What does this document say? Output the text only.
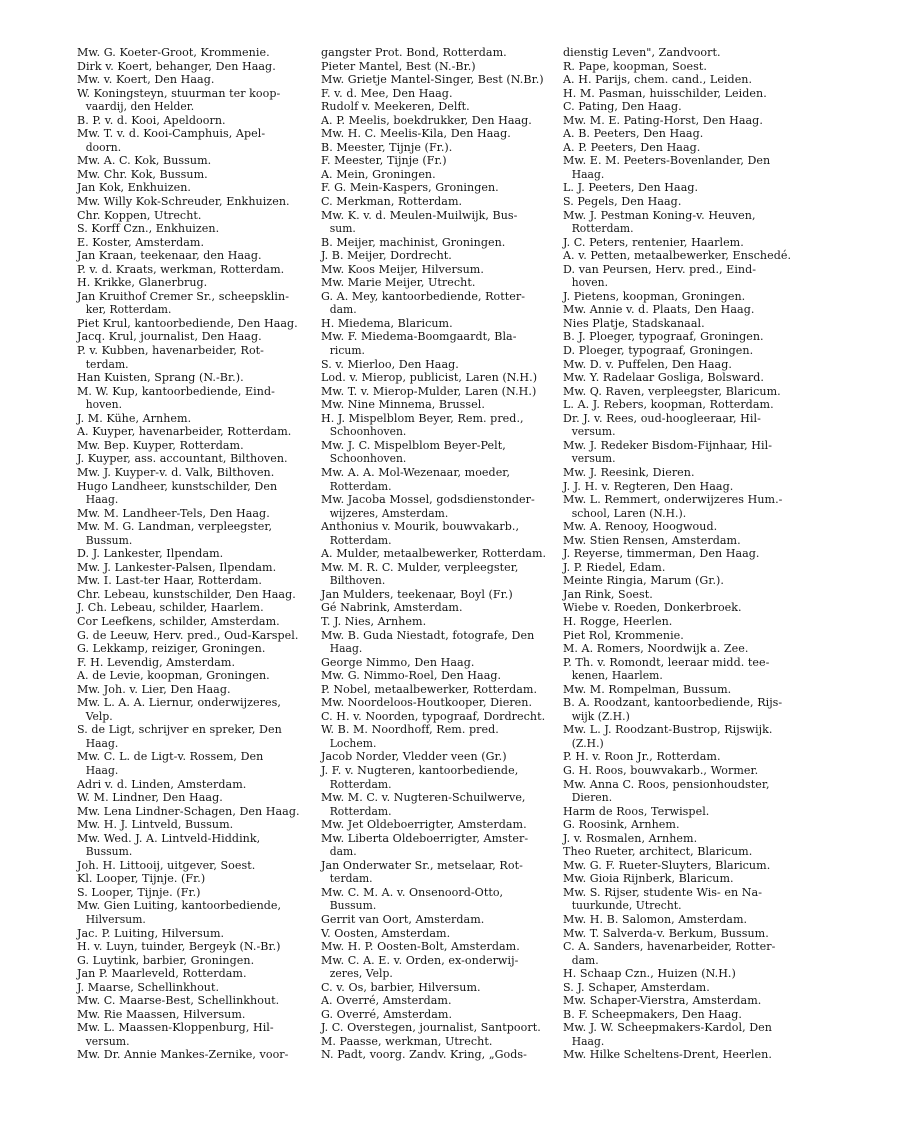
Mw. G. Koeter-Groot, Krommenie.
Dirk v. Koert, behanger, Den Haag.
Mw. v. Koert, Den Haag.
W. Koningsteyn, stuurman ter koop-
vaardij, den Helder.
B. P. v. d. Kooi, Apeldoorn.
Mw. T. v. d. Kooi-Camphuis, Apel-
doorn.
Mw. A. C. Kok, Bussum.
Mw. Chr. Kok, Bussum.
Jan Kok, Enkhuizen.
Mw. Willy Kok-Schreuder, Enkhuizen.
Chr. Koppen, Utrecht.
S. Korff Czn., Enkhuizen.
E. Koster, Amsterdam.
Jan Kraan, teekenaar, den Haag.
P. v. d. Kraats, werkman, Rotterdam.
H. Krikke, Glanerbrug.
Jan Kruithof Cremer Sr., scheepsklin-
ker, Rotterdam.
Piet Krul, kantoorbediende, Den Haag.
Jacq. Krul, journalist, Den Haag.
P. v. Kubben, havenarbeider, Rot-
terdam.
Han Kuisten, Sprang (N.-Br.).
M. W. Kup, kantoorbediende, Eind-
hoven.
J. M. Kühe, Arnhem.
A. Kuyper, havenarbeider, Rotterdam.
Mw. Bep. Kuyper, Rotterdam.
J. Kuyper, ass. accountant, Bilthoven.
Mw. J. Kuyper-v. d. Valk, Bilthoven.
Hugo Landheer, kunstschilder, Den
Haag.
Mw. M. Landheer-Tels, Den Haag.
Mw. M. G. Landman, verpleegster,
Bussum.
D. J. Lankester, Ilpendam.
Mw. J. Lankester-Palsen, Ilpendam.
Mw. I. Last-ter Haar, Rotterdam.
Chr. Lebeau, kunstschilder, Den Haag.
J. Ch. Lebeau, schilder, Haarlem.
Cor Leefkens, schilder, Amsterdam.
G. de Leeuw, Herv. pred., Oud-Karspel.
G. Lekkamp, reiziger, Groningen.
F. H. Levendig, Amsterdam.
A. de Levie, koopman, Groningen.
Mw. Joh. v. Lier, Den Haag.
Mw. L. A. A. Liernur, onderwijzeres,
Velp.
S. de Ligt, schrijver en spreker, Den
Haag.
Mw. C. L. de Ligt-v. Rossem, Den
Haag.
Adri v. d. Linden, Amsterdam.
W. M. Lindner, Den Haag.
Mw. Lena Lindner-Schagen, Den Haag.
Mw. H. J. Lintveld, Bussum.
Mw. Wed. J. A. Lintveld-Hiddink,
Bussum.
Joh. H. Littooij, uitgever, Soest.
Kl. Looper, Tijnje. (Fr.)
S. Looper, Tijnje. (Fr.)
Mw. Gien Luiting, kantoorbediende,
Hilversum.
Jac. P. Luiting, Hilversum.
H. v. Luyn, tuinder, Bergeyk (N.-Br.)
G. Luytink, barbier, Groningen.
Jan P. Maarleveld, Rotterdam.
J. Maarse, Schellinkhout.
Mw. C. Maarse-Best, Schellinkhout.
Mw. Rie Maassen, Hilversum.
Mw. L. Maassen-Kloppenburg, Hil-
versum.
Mw. Dr. Annie Mankes-Zernike, voor-
gangster Prot. Bond, Rotterdam.
Pieter Mantel, Best (N.-Br.)
Mw. Grietje Mantel-Singer, Best (N.Br.)
F. v. d. Mee, Den Haag.
Rudolf v. Meekeren, Delft.
A. P. Meelis, boekdrukker, Den Haag.
Mw. H. C. Meelis-Kila, Den Haag.
B. Meester, Tijnje (Fr.).
F. Meester, Tijnje (Fr.)
A. Mein, Groningen.
F. G. Mein-Kaspers, Groningen.
C. Merkman, Rotterdam.
Mw. K. v. d. Meulen-Muilwijk, Bus-
sum.
B. Meijer, machinist, Groningen.
J. B. Meijer, Dordrecht.
Mw. Koos Meijer, Hilversum.
Mw. Marie Meijer, Utrecht.
G. A. Mey, kantoorbediende, Rotter-
dam.
H. Miedema, Blaricum.
Mw. F. Miedema-Boomgaardt, Bla-
ricum.
S. v. Mierloo, Den Haag.
Lod. v. Mierop, publicist, Laren (N.H.)
Mw. T. v. Mierop-Mulder, Laren (N.H.)
Mw. Nine Minnema, Brussel.
H. J. Mispelblom Beyer, Rem. pred.,
Schoonhoven.
Mw. J. C. Mispelblom Beyer-Pelt,
Schoonhoven.
Mw. A. A. Mol-Wezenaar, moeder,
Rotterdam.
Mw. Jacoba Mossel, godsdienstonder-
wijzeres, Amsterdam.
Anthonius v. Mourik, bouwvakarb.,
Rotterdam.
A. Mulder, metaalbewerker, Rotterdam.
Mw. M. R. C. Mulder, verpleegster,
Bilthoven.
Jan Mulders, teekenaar, Boyl (Fr.)
Gé Nabrink, Amsterdam.
T. J. Nies, Arnhem.
Mw. B. Guda Niestadt, fotografe, Den
Haag.
George Nimmo, Den Haag.
Mw. G. Nimmo-Roel, Den Haag.
P. Nobel, metaalbewerker, Rotterdam.
Mw. Noordeloos-Houtkooper, Dieren.
C. H. v. Noorden, typograaf, Dordrecht.
W. B. M. Noordhoff, Rem. pred.
Lochem.
Jacob Norder, Vledder veen (Gr.)
J. F. v. Nugteren, kantoorbediende,
Rotterdam.
Mw. M. C. v. Nugteren-Schuilwerve,
Rotterdam.
Mw. Jet Oldeboerrigter, Amsterdam.
Mw. Liberta Oldeboerrigter, Amster-
dam.
Jan Onderwater Sr., metselaar, Rot-
terdam.
Mw. C. M. A. v. Onsenoord-Otto,
Bussum.
Gerrit van Oort, Amsterdam.
V. Oosten, Amsterdam.
Mw. H. P. Oosten-Bolt, Amsterdam.
Mw. C. A. E. v. Orden, ex-onderwij-
zeres, Velp.
C. v. Os, barbier, Hilversum.
A. Overré, Amsterdam.
G. Overré, Amsterdam.
J. C. Overstegen, journalist, Santpoort.
M. Paasse, werkman, Utrecht.
N. Padt, voorg. Zandv. Kring, „Gods-
dienstig Leven", Zandvoort.
R. Pape, koopman, Soest.
A. H. Parijs, chem. cand., Leiden.
H. M. Pasman, huisschilder, Leiden.
C. Pating, Den Haag.
Mw. M. E. Pating-Horst, Den Haag.
A. B. Peeters, Den Haag.
A. P. Peeters, Den Haag.
Mw. E. M. Peeters-Bovenlander, Den
Haag.
L. J. Peeters, Den Haag.
S. Pegels, Den Haag.
Mw. J. Pestman Koning-v. Heuven,
Rotterdam.
J. C. Peters, rentenier, Haarlem.
A. v. Petten, metaalbewerker, Enschedé.
D. van Peursen, Herv. pred., Eind-
hoven.
J. Pietens, koopman, Groningen.
Mw. Annie v. d. Plaats, Den Haag.
Nies Platje, Stadskanaal.
B. J. Ploeger, typograaf, Groningen.
D. Ploeger, typograaf, Groningen.
Mw. D. v. Puffelen, Den Haag.
Mw. Y. Radelaar Gosliga, Bolsward.
Mw. Q. Raven, verpleegster, Blaricum.
L. A. J. Rebers, koopman, Rotterdam.
Dr. J. v. Rees, oud-hoogleeraar, Hil-
versum.
Mw. J. Redeker Bisdom-Fijnhaar, Hil-
versum.
Mw. J. Reesink, Dieren.
J. J. H. v. Regteren, Den Haag.
Mw. L. Remmert, onderwijzeres Hum.-
school, Laren (N.H.).
Mw. A. Renooy, Hoogwoud.
Mw. Stien Rensen, Amsterdam.
J. Reyerse, timmerman, Den Haag.
J. P. Riedel, Edam.
Meinte Ringia, Marum (Gr.).
Jan Rink, Soest.
Wiebe v. Roeden, Donkerbroek.
H. Rogge, Heerlen.
Piet Rol, Krommenie.
M. A. Romers, Noordwijk a. Zee.
P. Th. v. Romondt, leeraar midd. tee-
kenen, Haarlem.
Mw. M. Rompelman, Bussum.
B. A. Roodzant, kantoorbediende, Rijs-
wijk (Z.H.)
Mw. L. J. Roodzant-Bustrop, Rijswijk.
(Z.H.)
P. H. v. Roon Jr., Rotterdam.
G. H. Roos, bouwvakarb., Wormer.
Mw. Anna C. Roos, pensionhoudster,
Dieren.
Harm de Roos, Terwispel.
G. Roosink, Arnhem.
J. v. Rosmalen, Arnhem.
Theo Rueter, architect, Blaricum.
Mw. G. F. Rueter-Sluyters, Blaricum.
Mw. Gioia Rijnberk, Blaricum.
Mw. S. Rijser, studente Wis- en Na-
tuurkunde, Utrecht.
Mw. H. B. Salomon, Amsterdam.
Mw. T. Salverda-v. Berkum, Bussum.
C. A. Sanders, havenarbeider, Rotter-
dam.
H. Schaap Czn., Huizen (N.H.)
S. J. Schaper, Amsterdam.
Mw. Schaper-Vierstra, Amsterdam.
B. F. Scheepmakers, Den Haag.
Mw. J. W. Scheepmakers-Kardol, Den
Haag.
Mw. Hilke Scheltens-Drent, Heerlen.
